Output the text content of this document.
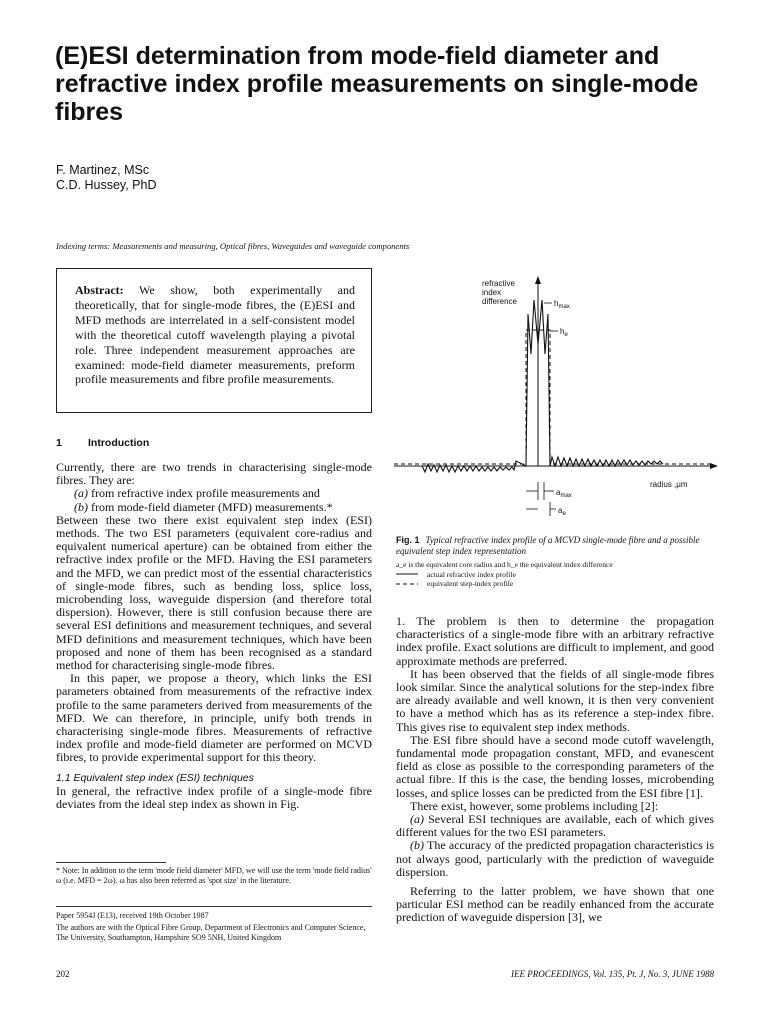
(E)ESI determination from mode-field diameter and refractive index profile measurements on single-mode fibres
F. Martinez, MSc
C.D. Hussey, PhD
Indexing terms: Measurements and measuring, Optical fibres, Waveguides and waveguide components
Abstract: We show, both experimentally and theoretically, that for single-mode fibres, the (E)ESI and MFD methods are interrelated in a self-consistent model with the theoretical cutoff wavelength playing a pivotal role. Three independent measurement approaches are examined: mode-field diameter measurements, preform profile measurements and fibre profile measurements.
1 Introduction

Currently, there are two trends in characterising single-mode fibres. They are:

(a) from refractive index profile measurements and

(b) from mode-field diameter (MFD) measurements.*

Between these two there exist equivalent step index (ESI) methods. The two ESI parameters (equivalent core-radius and equivalent numerical aperture) can be obtained from either the refractive index profile or the MFD. Having the ESI parameters and the MFD, we can predict most of the essential characteristics of single-mode fibres, such as bending loss, splice loss, microbending loss, waveguide dispersion (and therefore total dispersion). However, there is still confusion because there are several ESI definitions and measurement techniques, and several MFD definitions and measurement techniques, which have been proposed and none of them has been recognised as a standard method for characterising single-mode fibres.

In this paper, we propose a theory, which links the ESI parameters obtained from measurements of the refractive index profile to the same parameters derived from measurements of the MFD. We can therefore, in principle, unify both trends in characterising single-mode fibres. Measurements of refractive index profile and mode-field diameter are performed on MCVD fibres, to provide experimental support for this theory.

1.1 Equivalent step index (ESI) techniques

In general, the refractive index profile of a single-mode fibre deviates from the ideal step index as shown in Fig.

* Note: In addition to the term 'mode field diameter' MFD, we will use the term 'mode field radius' ω (i.e. MFD = 2ω). ω has also been referred as 'spot size' in the literature.
Paper 5954J (E13), received 19th October 1987
The authors are with the Optical Fibre Group, Department of Electronics and Computer Science, The University, Southampton, Hampshire SO9 5NH, United Kingdom
202
refractive
index
difference	$h_{max}$
$h_e$
radius ,μm
$a_{max}$
$a_e$
Fig. 1 Typical refractive index profile of a MCVD single-mode fibre and a possible equivalent step index representation
a_e is the equivalent core radius and h_e the equivalent index difference
actual refractive index profile
equivalent step-index profile

1. The problem is then to determine the propagation characteristics of a single-mode fibre with an arbitrary refractive index profile. Exact solutions are difficult to implement, and good approximate methods are preferred.

It has been observed that the fields of all single-mode fibres look similar. Since the analytical solutions for the step-index fibre are already available and well known, it is then very convenient to have a method which has as its reference a step-index fibre. This gives rise to equivalent step index methods.

The ESI fibre should have a second mode cutoff wavelength, fundamental mode propagation constant, MFD, and evanescent field as close as possible to the corresponding parameters of the actual fibre. If this is the case, the bending losses, microbending losses, and splice losses can be predicted from the ESI fibre [1].

There exist, however, some problems including [2]:

(a) Several ESI techniques are available, each of which gives different values for the two ESI parameters.

(b) The accuracy of the predicted propagation characteristics is not always good, particularly with the prediction of waveguide dispersion.

Referring to the latter problem, we have shown that one particular ESI method can be readily enhanced from the accurate prediction of waveguide dispersion [3], we

IEE PROCEEDINGS, Vol. 135, Pt. J, No. 3, JUNE 1988
